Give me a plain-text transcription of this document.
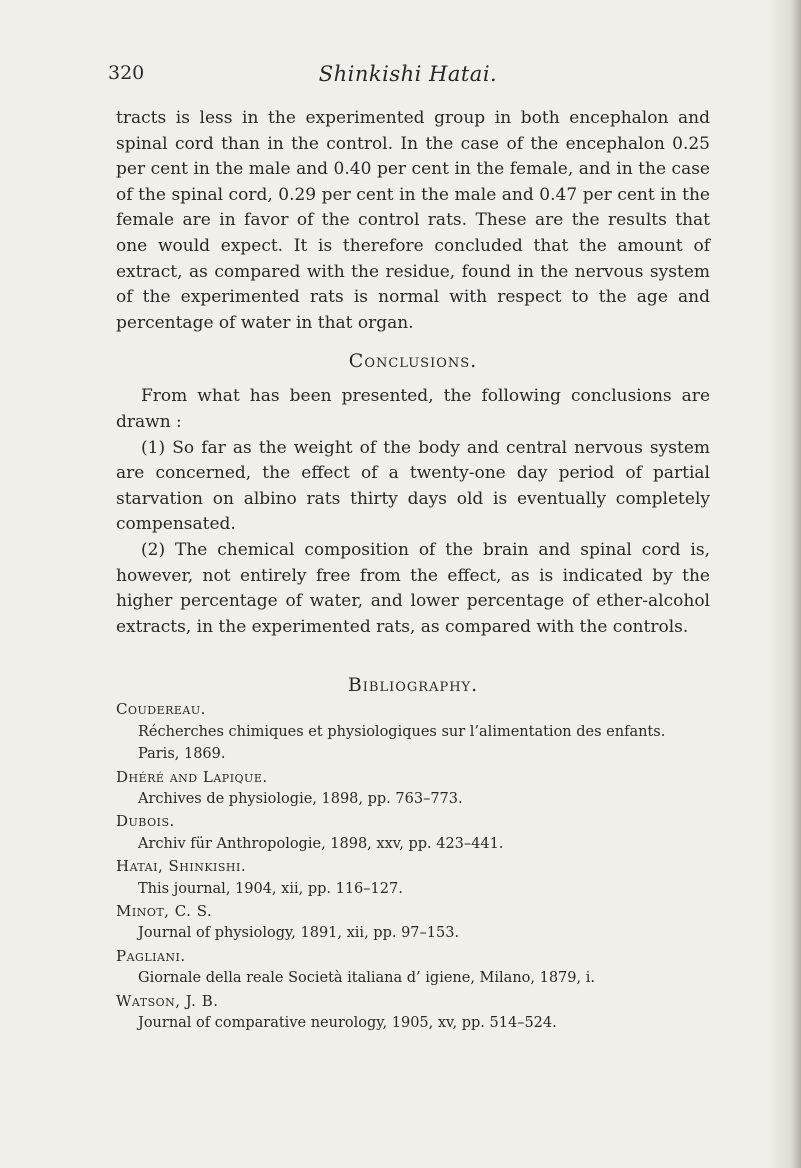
320	Shinkishi Hatai.

tracts is less in the experimented group in both encephalon and spinal cord than in the control. In the case of the encephalon 0.25 per cent in the male and 0.40 per cent in the female, and in the case of the spinal cord, 0.29 per cent in the male and 0.47 per cent in the female are in favor of the control rats. These are the results that one would expect. It is therefore concluded that the amount of extract, as compared with the residue, found in the nervous system of the experimented rats is normal with respect to the age and percentage of water in that organ.

Conclusions.

From what has been presented, the following conclusions are drawn :

(1) So far as the weight of the body and central nervous system are concerned, the effect of a twenty-one day period of partial starvation on albino rats thirty days old is eventually completely compensated.

(2) The chemical composition of the brain and spinal cord is, however, not entirely free from the effect, as is indicated by the higher percentage of water, and lower percentage of ether-alcohol extracts, in the experimented rats, as compared with the controls.

Bibliography.
Coudereau.
Récherches chimiques et physiologiques sur l’alimentation des enfants. Paris, 1869.
Dhéré and Lapique.
Archives de physiologie, 1898, pp. 763–773.
Dubois.
Archiv für Anthropologie, 1898, xxv, pp. 423–441.
Hatai, Shinkishi.
This journal, 1904, xii, pp. 116–127.
Minot, C. S.
Journal of physiology, 1891, xii, pp. 97–153.
Pagliani.
Giornale della reale Società italiana d’ igiene, Milano, 1879, i.
Watson, J. B.
Journal of comparative neurology, 1905, xv, pp. 514–524.
